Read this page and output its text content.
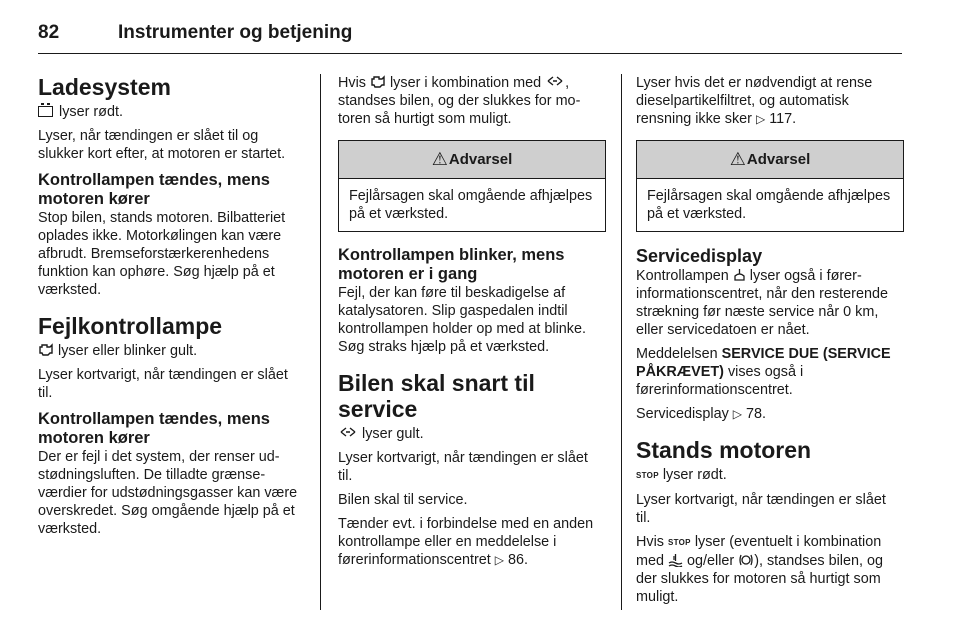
82	Instrumenter og betjening
Ladesystem

lyser rødt.

Lyser, når tændingen er slået til og slukker kort efter, at motoren er startet.

Kontrollampen tændes, mens motoren kører

Stop bilen, stands motoren. Bilbatteriet oplades ikke. Motorkølingen kan være afbrudt. Bremseforstærkerenhedens funktion kan ophøre. Søg hjælp på et værksted.

Fejlkontrollampe

lyser eller blinker gult.

Lyser kortvarigt, når tændingen er slået til.

Kontrollampen tændes, mens motoren kører

Der er fejl i det system, der renser udstødningsluften. De tilladte grænseværdier for udstødningsgasser kan være overskredet. Søg omgående hjælp på et værksted.

Hvis  lyser i kombination med , standses bilen, og der slukkes for motoren så hurtigt som muligt.

⚠ Advarsel
Fejlårsagen skal omgående afhjælpes på et værksted.
Kontrollampen blinker, mens motoren er i gang

Fejl, der kan føre til beskadigelse af katalysatoren. Slip gaspedalen indtil kontrollampen holder op med at blinke. Søg straks hjælp på et værksted.

Bilen skal snart til service

lyser gult.

Lyser kortvarigt, når tændingen er slået til.

Bilen skal til service.

Tænder evt. i forbindelse med en anden kontrollampe eller en meddelelse i førerinformationscentret ▷ 86.

Lyser hvis det er nødvendigt at rense dieselpartikelfiltret, og automatisk rensning ikke sker ▷ 117.

⚠ Advarsel
Fejlårsagen skal omgående afhjælpes på et værksted.
Servicedisplay

Kontrollampen  lyser også i førerinformationscentret, når den resterende strækning før næste service når 0 km, eller servicedatoen er nået.

Meddelelsen SERVICE DUE (SERVICE PÅKRÆVET) vises også i førerinformationscentret.

Servicedisplay ▷ 78.

Stands motoren

STOP lyser rødt.

Lyser kortvarigt, når tændingen er slået til.

Hvis STOP lyser (eventuelt i kombination med  og/eller ), standses bilen, og der slukkes for motoren så hurtigt som muligt.
